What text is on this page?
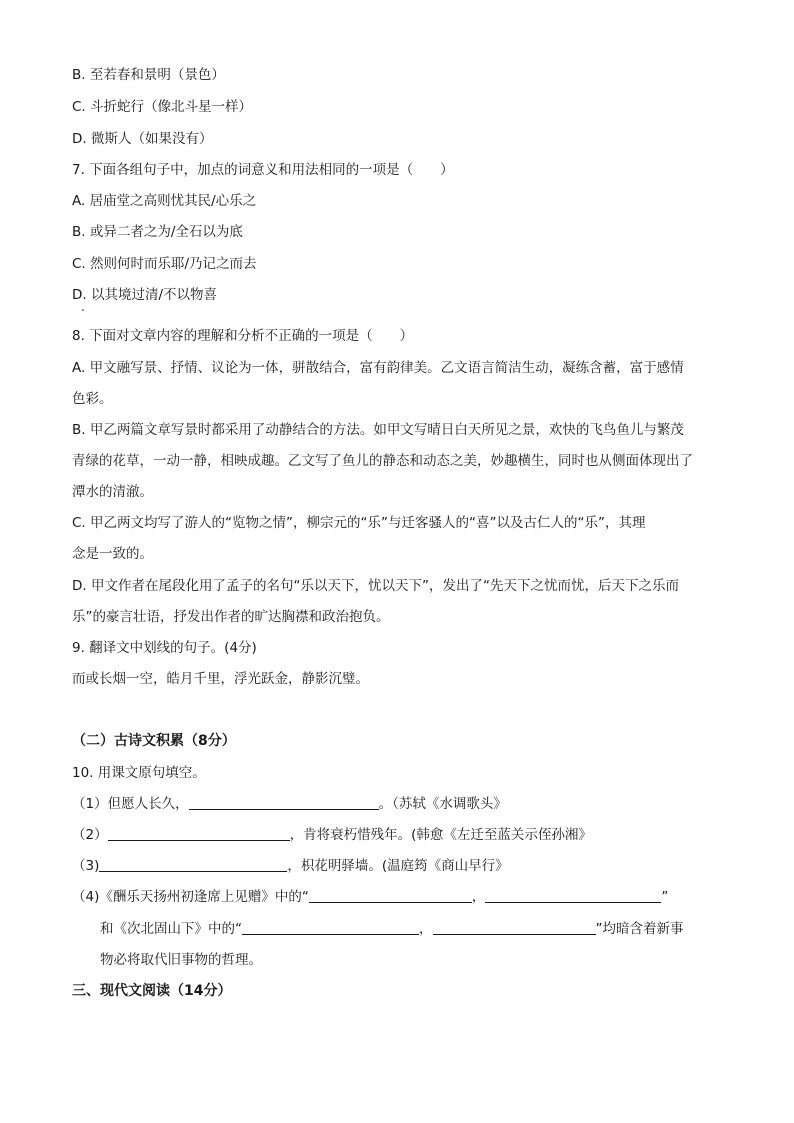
B. 至若春和景明（景色）
C. 斗折蛇行（像北斗星一样）
D. 微斯人（如果没有）
7. 下面各组句子中，加点的词意义和用法相同的一项是（　　）
A. 居庙堂之高则忧其民/心乐之
B. 或异二者之为/全石以为底
C. 然则何时而乐耶/乃记之而去
D. 以其境过清/不以物喜
8. 下面对文章内容的理解和分析不正确的一项是（　　）
A. 甲文融写景、抒情、议论为一体，骈散结合，富有韵律美。乙文语言简洁生动，凝练含蓄，富于感情
色彩。
B. 甲乙两篇文章写景时都采用了动静结合的方法。如甲文写晴日白天所见之景，欢快的飞鸟鱼儿与繁茂
青绿的花草，一动一静，相映成趣。乙文写了鱼儿的静态和动态之美，妙趣横生，同时也从侧面体现出了
潭水的清澈。
C. 甲乙两文均写了游人的“览物之情”，柳宗元的“乐”与迁客骚人的“喜”以及古仁人的“乐”，其理
念是一致的。
D. 甲文作者在尾段化用了孟子的名句“乐以天下，忧以天下”，发出了“先天下之忧而忧，后天下之乐而
乐”的豪言壮语，抒发出作者的旷达胸襟和政治抱负。
9. 翻译文中划线的句子。(4分)
而或长烟一空，皓月千里，浮光跃金，静影沉璧。
（二）古诗文积累（8分）
10. 用课文原句填空。
（1）但愿人长久，	。（苏轼《水调歌头》
（2）	，肯将衰朽惜残年。(韩愈《左迁至蓝关示侄孙湘》
（3)	，枳花明驿墙。(温庭筠《商山早行》
（4)《酬乐天扬州初逢席上见赠》中的“	，	”
和《次北固山下》中的“	，	”均暗含着新事
物必将取代旧事物的哲理。
三、现代文阅读（14分）
